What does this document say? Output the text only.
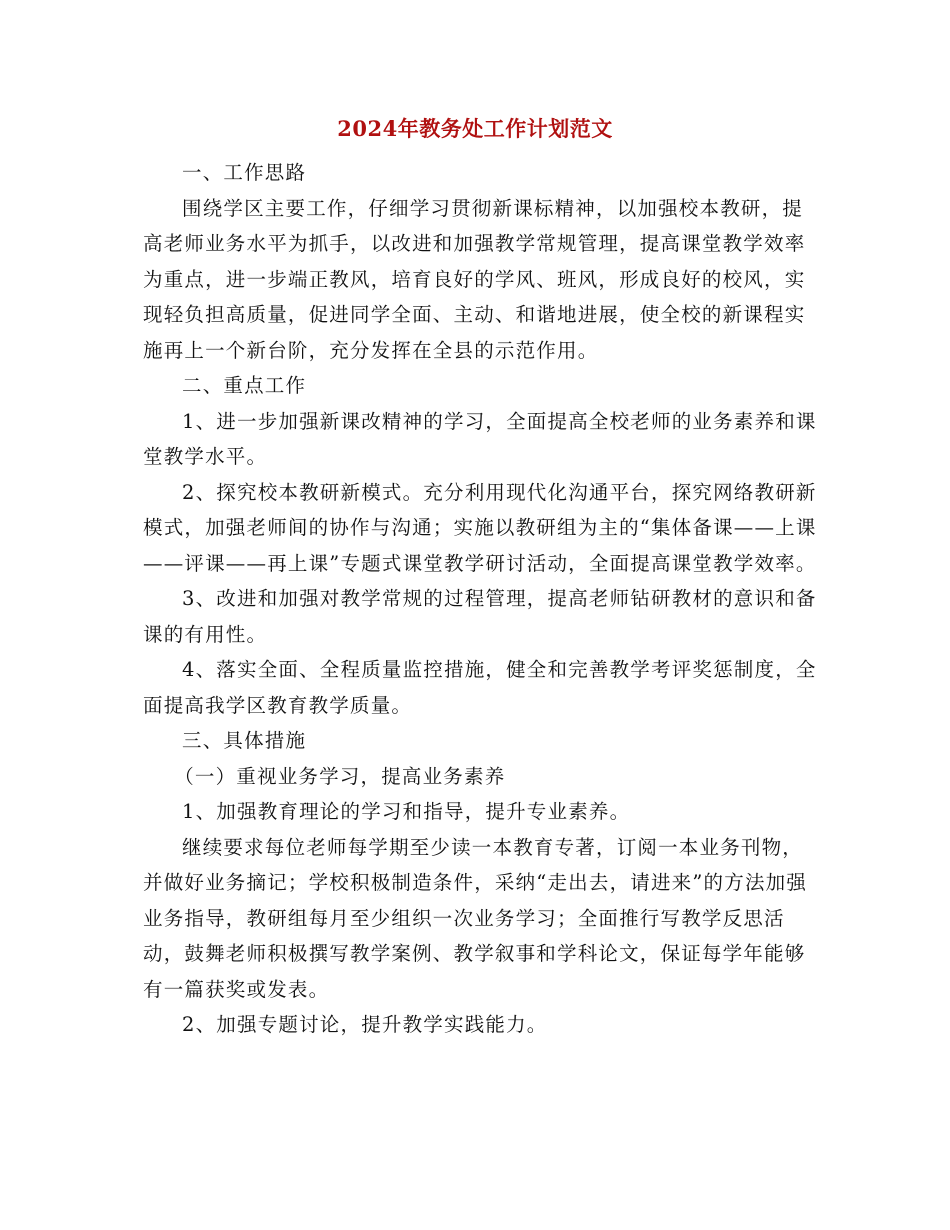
2024年教务处工作计划范文

一、工作思路

围绕学区主要工作，仔细学习贯彻新课标精神，以加强校本教研，提高老师业务水平为抓手，以改进和加强教学常规管理，提高课堂教学效率为重点，进一步端正教风，培育良好的学风、班风，形成良好的校风，实现轻负担高质量，促进同学全面、主动、和谐地进展，使全校的新课程实施再上一个新台阶，充分发挥在全县的示范作用。

二、重点工作

1、进一步加强新课改精神的学习，全面提高全校老师的业务素养和课堂教学水平。

2、探究校本教研新模式。充分利用现代化沟通平台，探究网络教研新模式，加强老师间的协作与沟通；实施以教研组为主的“集体备课——上课——评课——再上课”专题式课堂教学研讨活动，全面提高课堂教学效率。

3、改进和加强对教学常规的过程管理，提高老师钻研教材的意识和备课的有用性。

4、落实全面、全程质量监控措施，健全和完善教学考评奖惩制度，全面提高我学区教育教学质量。

三、具体措施

（一）重视业务学习，提高业务素养

1、加强教育理论的学习和指导，提升专业素养。

继续要求每位老师每学期至少读一本教育专著，订阅一本业务刊物，并做好业务摘记；学校积极制造条件，采纳“走出去，请进来”的方法加强业务指导，教研组每月至少组织一次业务学习；全面推行写教学反思活动，鼓舞老师积极撰写教学案例、教学叙事和学科论文，保证每学年能够有一篇获奖或发表。

2、加强专题讨论，提升教学实践能力。
